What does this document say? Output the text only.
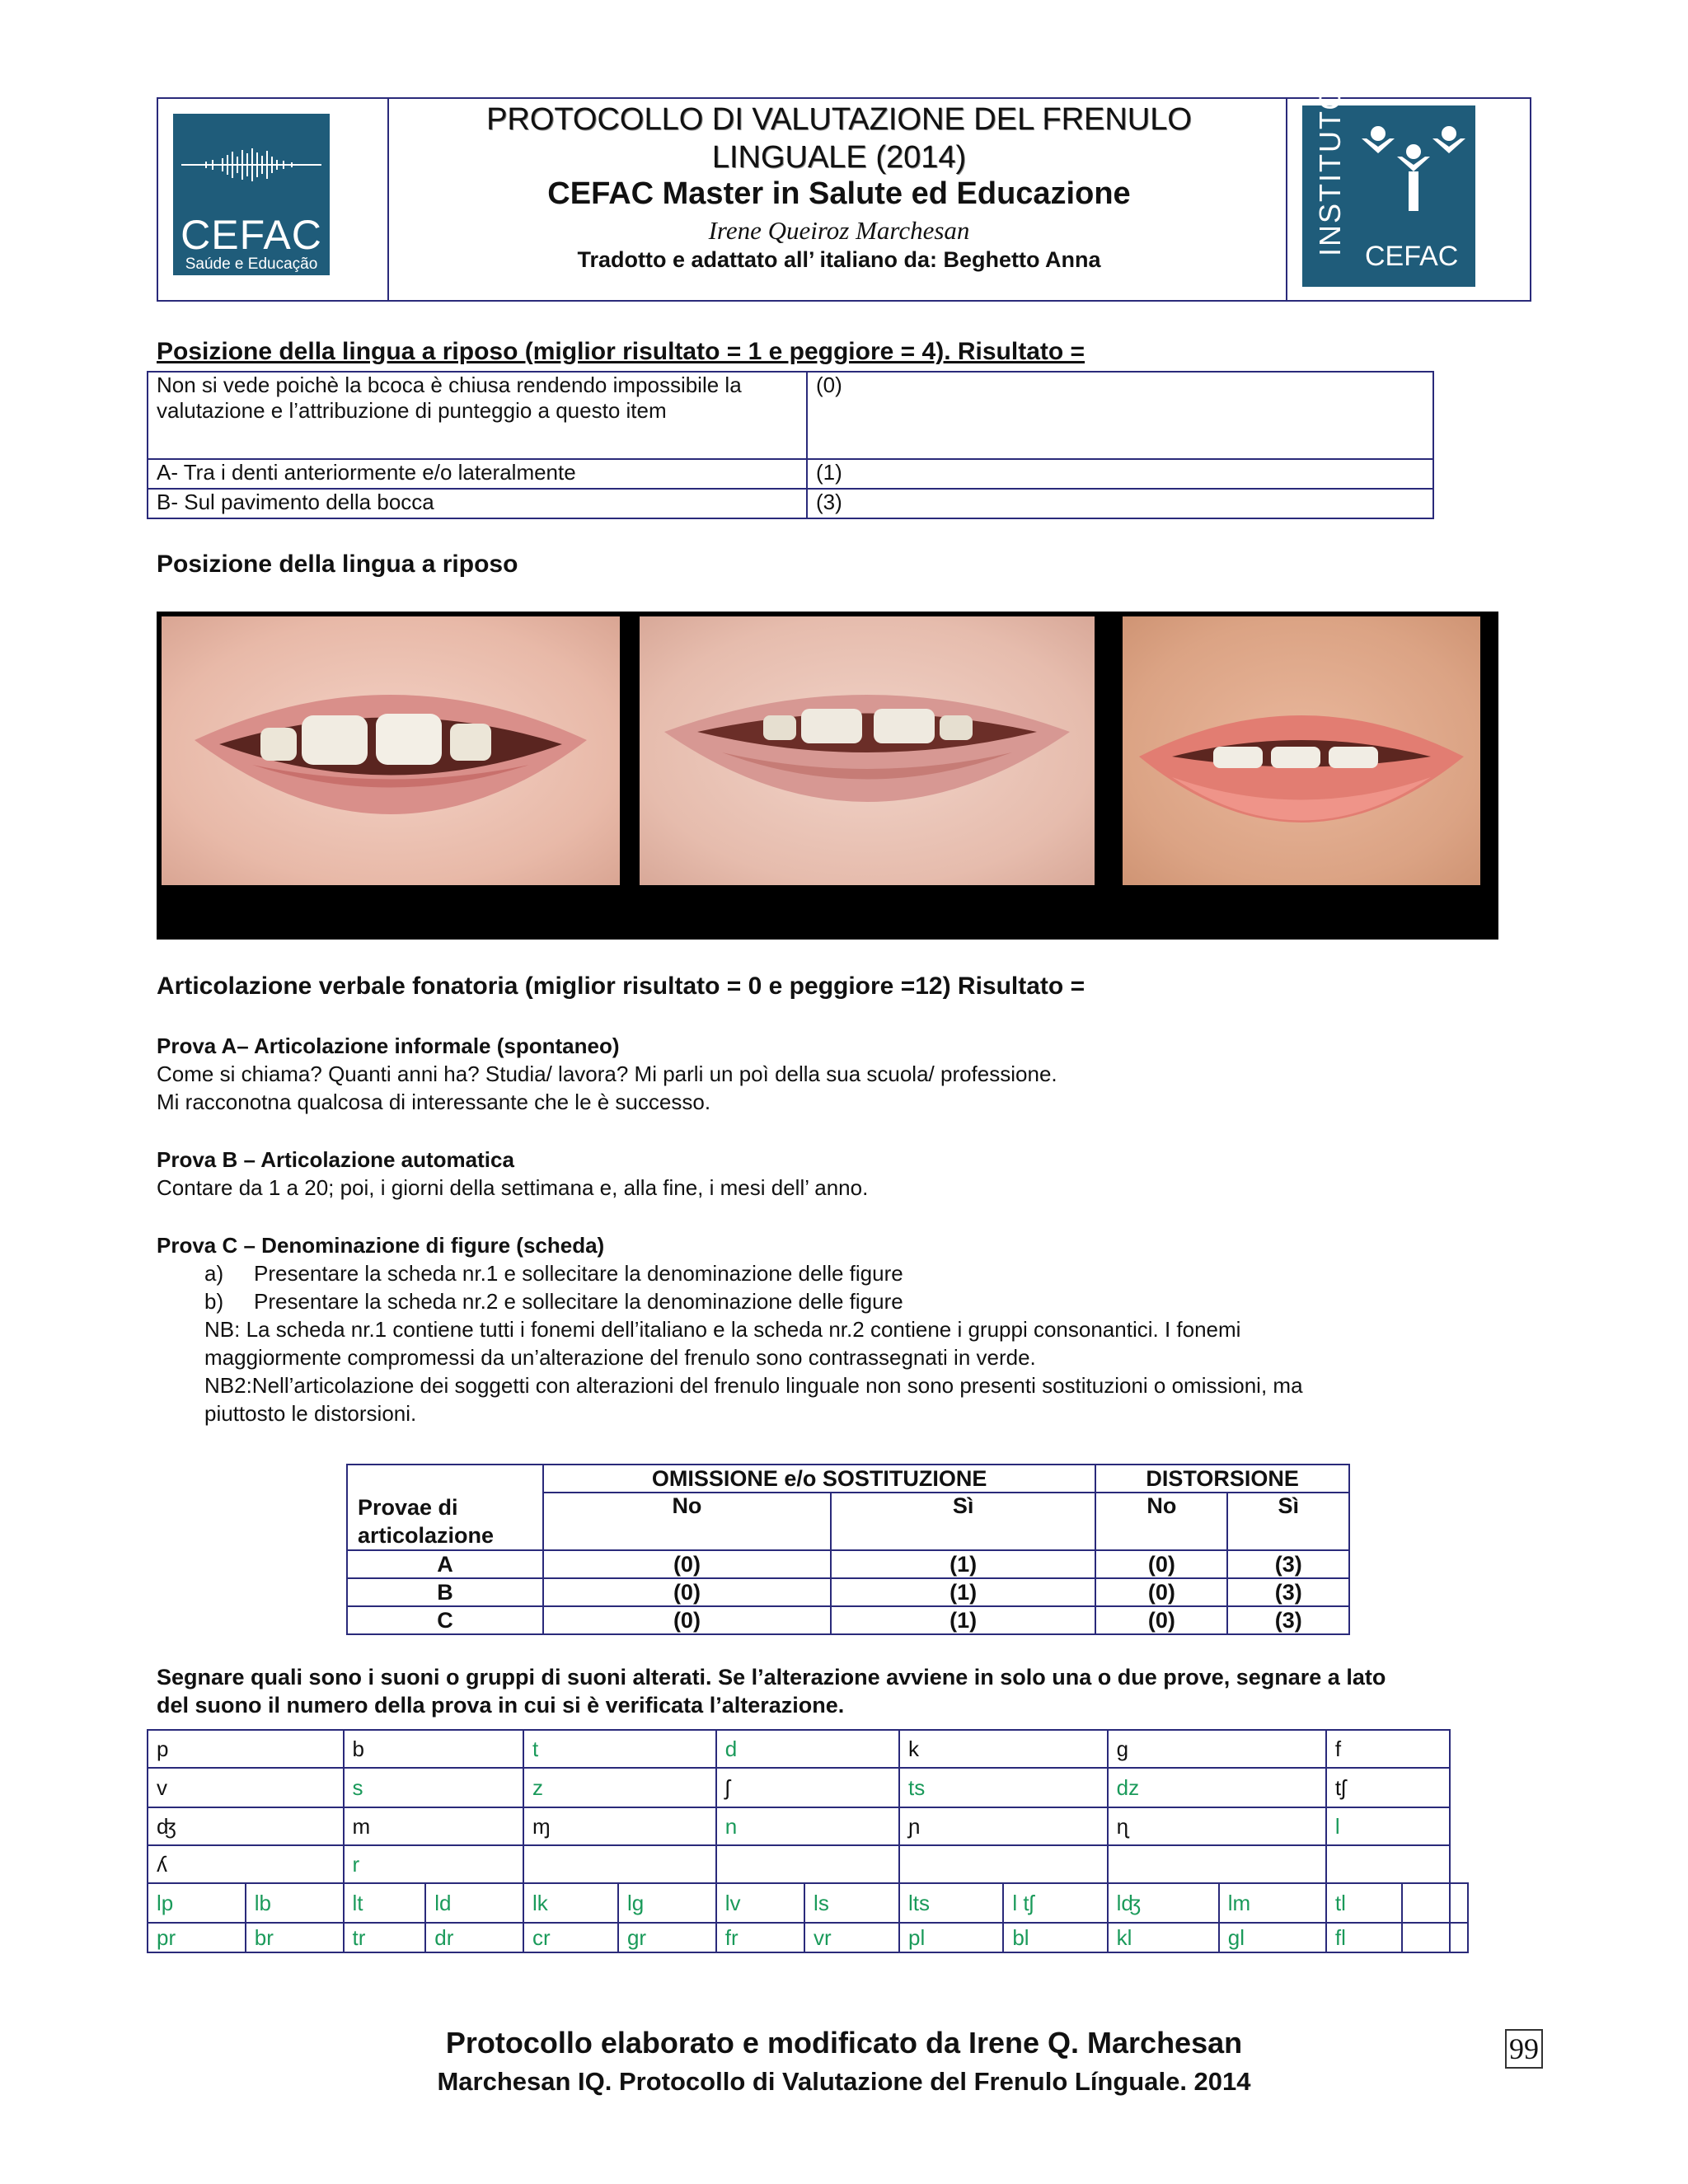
CEFAC
Saúde e Educação
INSTITUTO CEFAC
PROTOCOLLO DI VALUTAZIONE DEL FRENULO
LINGUALE (2014)
CEFAC Master in Salute ed Educazione
Irene Queiroz Marchesan
Tradotto e adattato all’ italiano da: Beghetto Anna
Posizione della lingua a riposo (miglior risultato = 1 e peggiore = 4). Risultato =
Non si vede poichè la bcoca è chiusa rendendo impossibile la valutazione e l’attribuzione di punteggio a questo item	(0)
A- Tra i denti anteriormente e/o lateralmente	(1)
B- Sul pavimento della bocca	(3)
Posizione della lingua a riposo
Articolazione verbale fonatoria (miglior risultato = 0 e peggiore =12) Risultato =
Prova A– Articolazione informale (spontaneo)
Come si chiama? Quanti anni ha? Studia/ lavora? Mi parli un poì della sua scuola/ professione.
Mi racconotna qualcosa di interessante che le è successo.
Prova B – Articolazione automatica
Contare da 1 a 20; poi, i giorni della settimana e, alla fine, i mesi dell’ anno.
Prova C – Denominazione di figure (scheda)
a) Presentare la scheda nr.1 e sollecitare la denominazione delle figure
b) Presentare la scheda nr.2 e sollecitare la denominazione delle figure
NB: La scheda nr.1 contiene tutti i fonemi dell’italiano e la scheda nr.2 contiene i gruppi consonantici. I fonemi
maggiormente compromessi da un’alterazione del frenulo sono contrassegnati in verde.
NB2:Nell’articolazione dei soggetti con alterazioni del frenulo linguale non sono presenti sostituzioni o omissioni, ma
piuttosto le distorsioni.
Provae di articolazione	OMISSIONE e/o SOSTITUZIONE		DISTORSIONE	
	No	Sì	No	Sì
A	(0)	(1)	(0)	(3)
B	(0)	(1)	(0)	(3)
C	(0)	(1)	(0)	(3)
Segnare quali sono i suoni o gruppi di suoni alterati. Se l’alterazione avviene in solo una o due prove, segnare a lato
del suono il numero della prova in cui si è verificata l’alterazione.
p		b		t		d		k		g		f		
v		s		z		ʃ		ts		dz		tʃ		
ʤ		m		ɱ		n		ɲ		ɳ		l		
ʎ		r												
lp	lb	lt	ld	lk	lg	lv	ls	lts	l tʃ	lʤ	lm	tl		
pr	br	tr	dr	cr	gr	fr	vr	pl	bl	kl	gl	fl		
Protocollo elaborato e modificato da Irene Q. Marchesan
Marchesan IQ. Protocollo di Valutazione del Frenulo Línguale. 2014
99
